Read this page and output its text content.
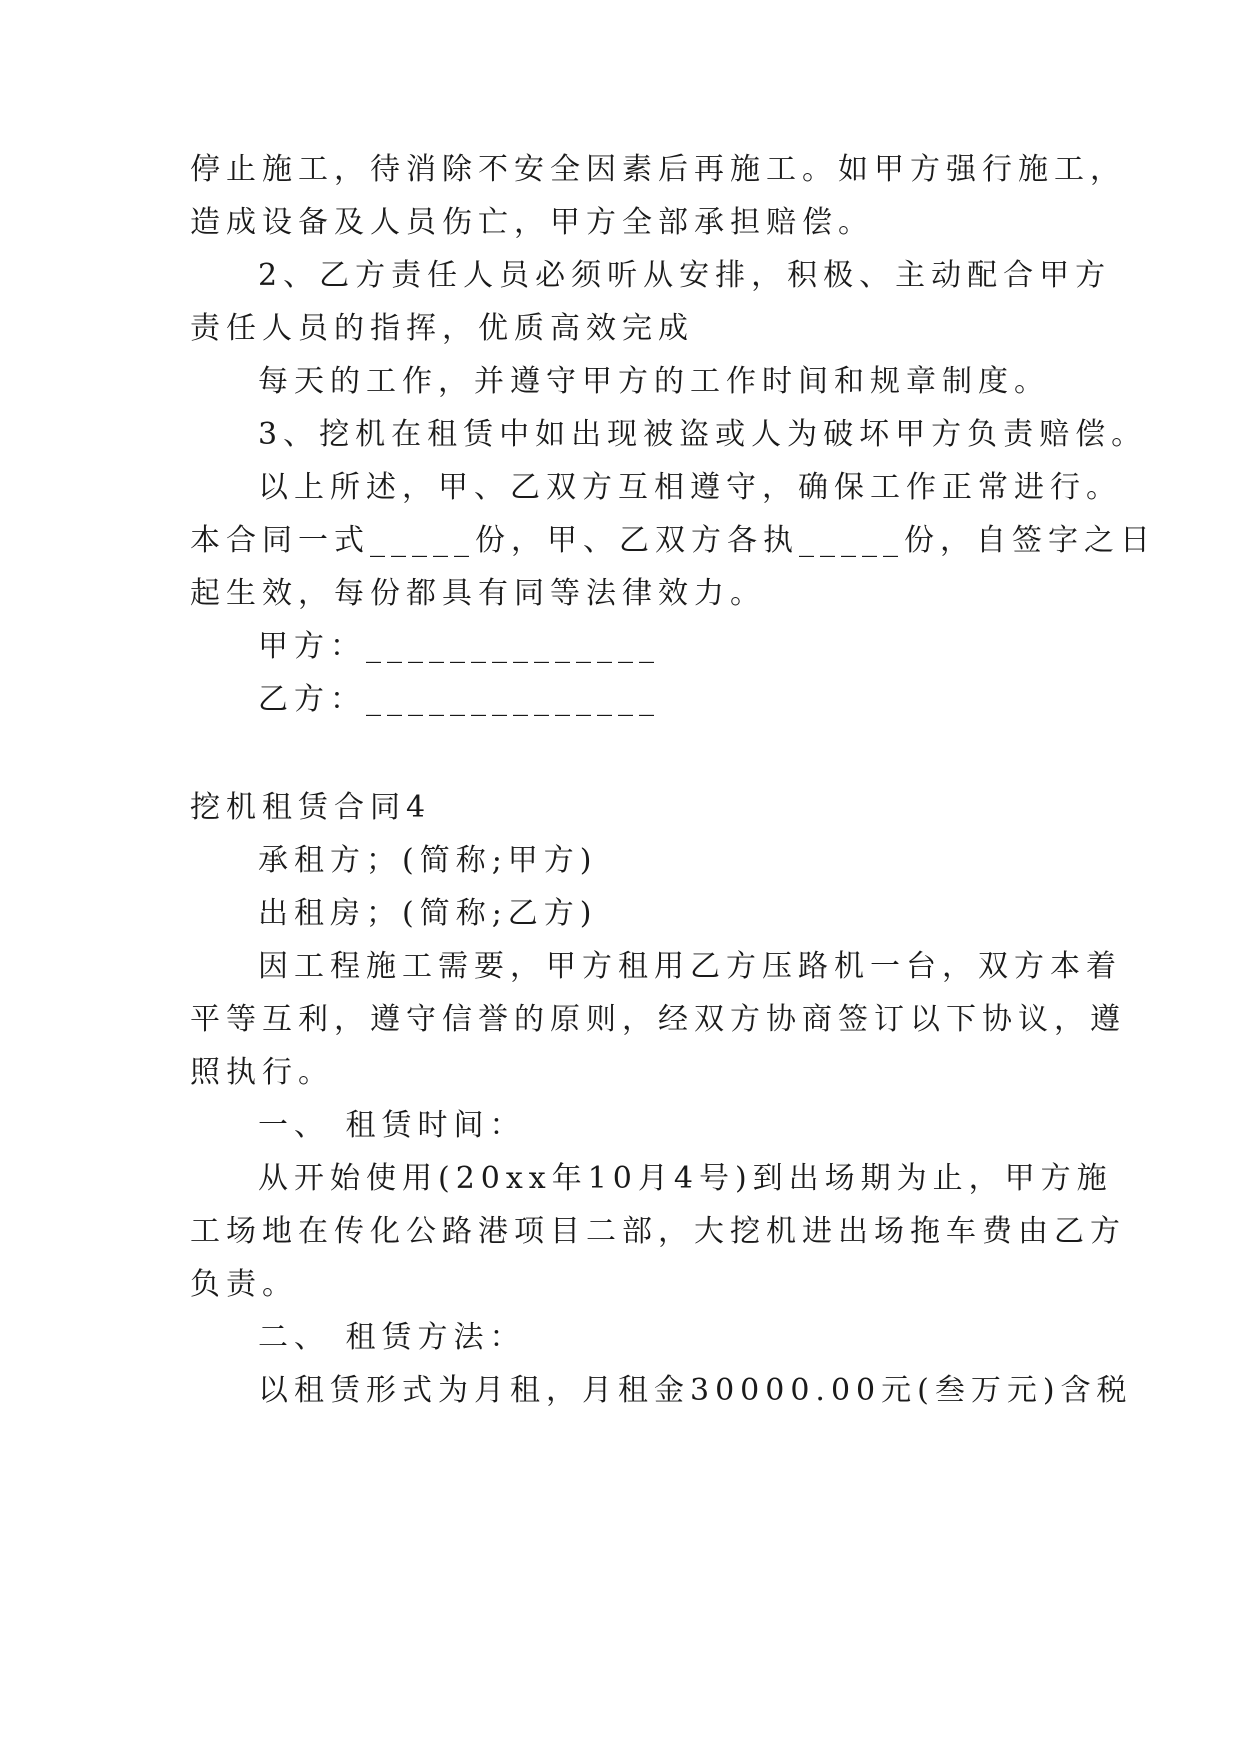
停止施工，待消除不安全因素后再施工。如甲方强行施工，
造成设备及人员伤亡，甲方全部承担赔偿。
2、乙方责任人员必须听从安排，积极、主动配合甲方
责任人员的指挥，优质高效完成
每天的工作，并遵守甲方的工作时间和规章制度。
3、挖机在租赁中如出现被盗或人为破坏甲方负责赔偿。
以上所述，甲、乙双方互相遵守，确保工作正常进行。
本合同一式_____份，甲、乙双方各执_____份，自签字之日
起生效，每份都具有同等法律效力。
甲方：______________
乙方：______________
挖机租赁合同4
承租方；(简称;甲方)
出租房；(简称;乙方)
因工程施工需要，甲方租用乙方压路机一台，双方本着
平等互利，遵守信誉的原则，经双方协商签订以下协议，遵
照执行。
一、 租赁时间：
从开始使用(20xx年10月4号)到出场期为止，甲方施
工场地在传化公路港项目二部，大挖机进出场拖车费由乙方
负责。
二、 租赁方法：
以租赁形式为月租，月租金30000.00元(叁万元)含税
